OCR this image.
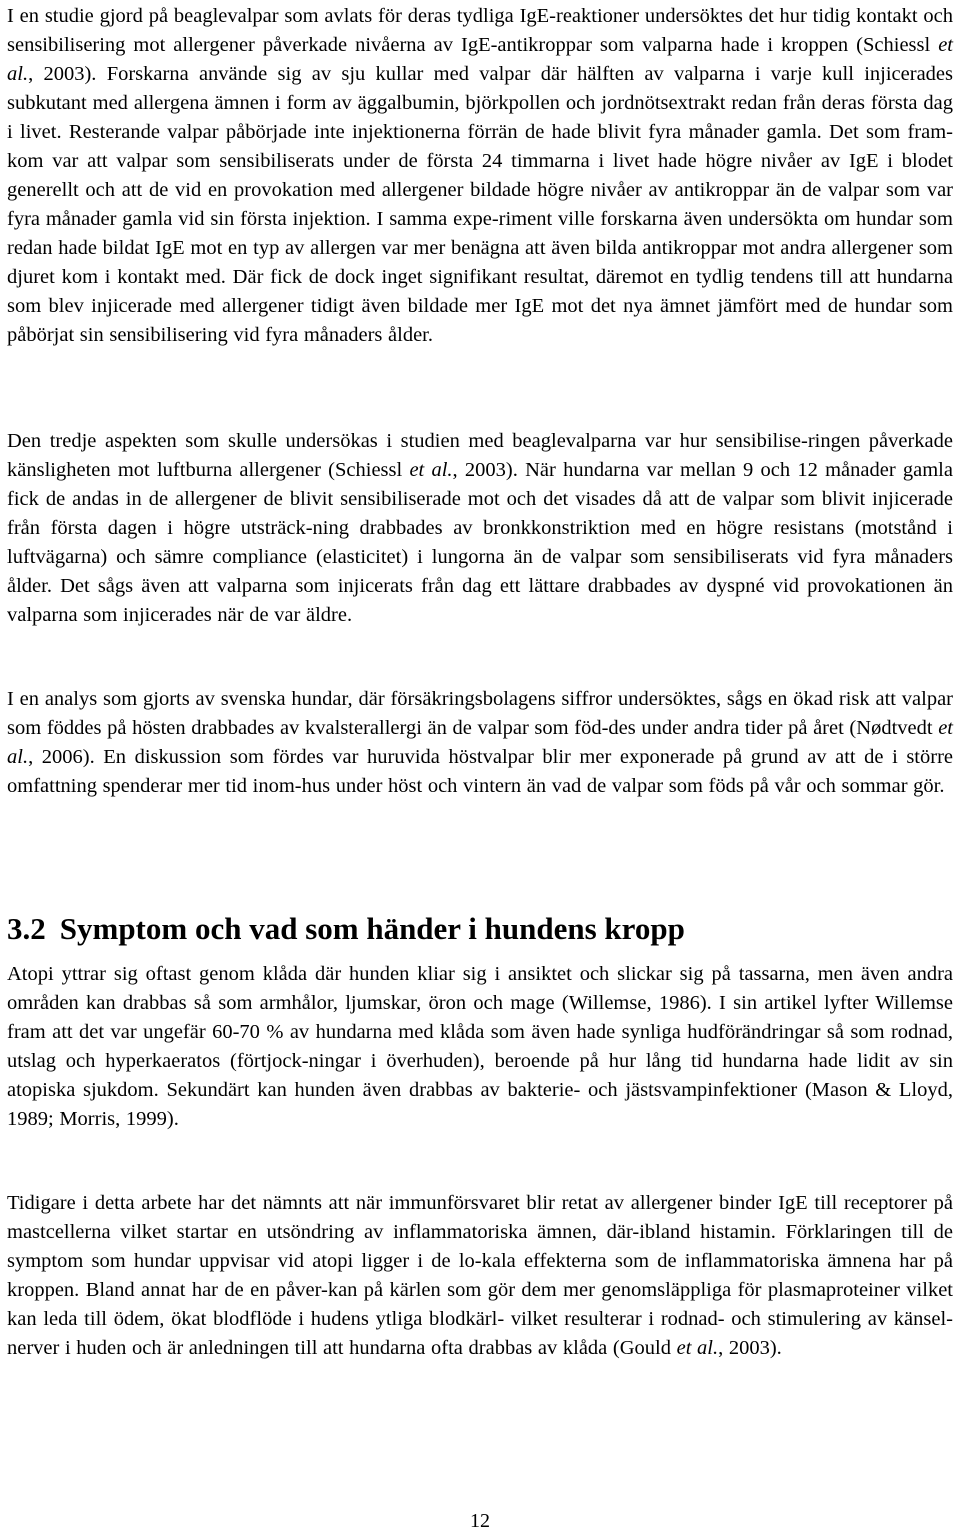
I en studie gjord på beaglevalpar som avlats för deras tydliga IgE-reaktioner undersöktes det hur tidig kontakt och sensibilisering mot allergener påverkade nivåerna av IgE-antikroppar som valparna hade i kroppen (Schiessl et al., 2003). Forskarna använde sig av sju kullar med valpar där hälften av valparna i varje kull injicerades subkutant med allergena ämnen i form av äggalbumin, björkpollen och jordnötsextrakt redan från deras första dag i livet. Resterande valpar påbörjade inte injektionerna förrän de hade blivit fyra månader gamla. Det som fram-kom var att valpar som sensibiliserats under de första 24 timmarna i livet hade högre nivåer av IgE i blodet generellt och att de vid en provokation med allergener bildade högre nivåer av antikroppar än de valpar som var fyra månader gamla vid sin första injektion. I samma expe-riment ville forskarna även undersökta om hundar som redan hade bildat IgE mot en typ av allergen var mer benägna att även bilda antikroppar mot andra allergener som djuret kom i kontakt med. Där fick de dock inget signifikant resultat, däremot en tydlig tendens till att hundarna som blev injicerade med allergener tidigt även bildade mer IgE mot det nya ämnet jämfört med de hundar som påbörjat sin sensibilisering vid fyra månaders ålder.

Den tredje aspekten som skulle undersökas i studien med beaglevalparna var hur sensibilise-ringen påverkade känsligheten mot luftburna allergener (Schiessl et al., 2003). När hundarna var mellan 9 och 12 månader gamla fick de andas in de allergener de blivit sensibiliserade mot och det visades då att de valpar som blivit injicerade från första dagen i högre utsträck-ning drabbades av bronkkonstriktion med en högre resistans (motstånd i luftvägarna) och sämre compliance (elasticitet) i lungorna än de valpar som sensibiliserats vid fyra månaders ålder. Det sågs även att valparna som injicerats från dag ett lättare drabbades av dyspné vid provokationen än valparna som injicerades när de var äldre.

I en analys som gjorts av svenska hundar, där försäkringsbolagens siffror undersöktes, sågs en ökad risk att valpar som föddes på hösten drabbades av kvalsterallergi än de valpar som föd-des under andra tider på året (Nødtvedt et al., 2006). En diskussion som fördes var huruvida höstvalpar blir mer exponerade på grund av att de i större omfattning spenderar mer tid inom-hus under höst och vintern än vad de valpar som föds på vår och sommar gör.

3.2 Symptom och vad som händer i hundens kropp

Atopi yttrar sig oftast genom klåda där hunden kliar sig i ansiktet och slickar sig på tassarna, men även andra områden kan drabbas så som armhålor, ljumskar, öron och mage (Willemse, 1986). I sin artikel lyfter Willemse fram att det var ungefär 60-70 % av hundarna med klåda som även hade synliga hudförändringar så som rodnad, utslag och hyperkaeratos (förtjock-ningar i överhuden), beroende på hur lång tid hundarna hade lidit av sin atopiska sjukdom. Sekundärt kan hunden även drabbas av bakterie- och jästsvampinfektioner (Mason & Lloyd, 1989; Morris, 1999).

Tidigare i detta arbete har det nämnts att när immunförsvaret blir retat av allergener binder IgE till receptorer på mastcellerna vilket startar en utsöndring av inflammatoriska ämnen, där-ibland histamin. Förklaringen till de symptom som hundar uppvisar vid atopi ligger i de lo-kala effekterna som de inflammatoriska ämnena har på kroppen. Bland annat har de en påver-kan på kärlen som gör dem mer genomsläppliga för plasmaproteiner vilket kan leda till ödem, ökat blodflöde i hudens ytliga blodkärl- vilket resulterar i rodnad- och stimulering av känsel-nerver i huden och är anledningen till att hundarna ofta drabbas av klåda (Gould et al., 2003).

12
